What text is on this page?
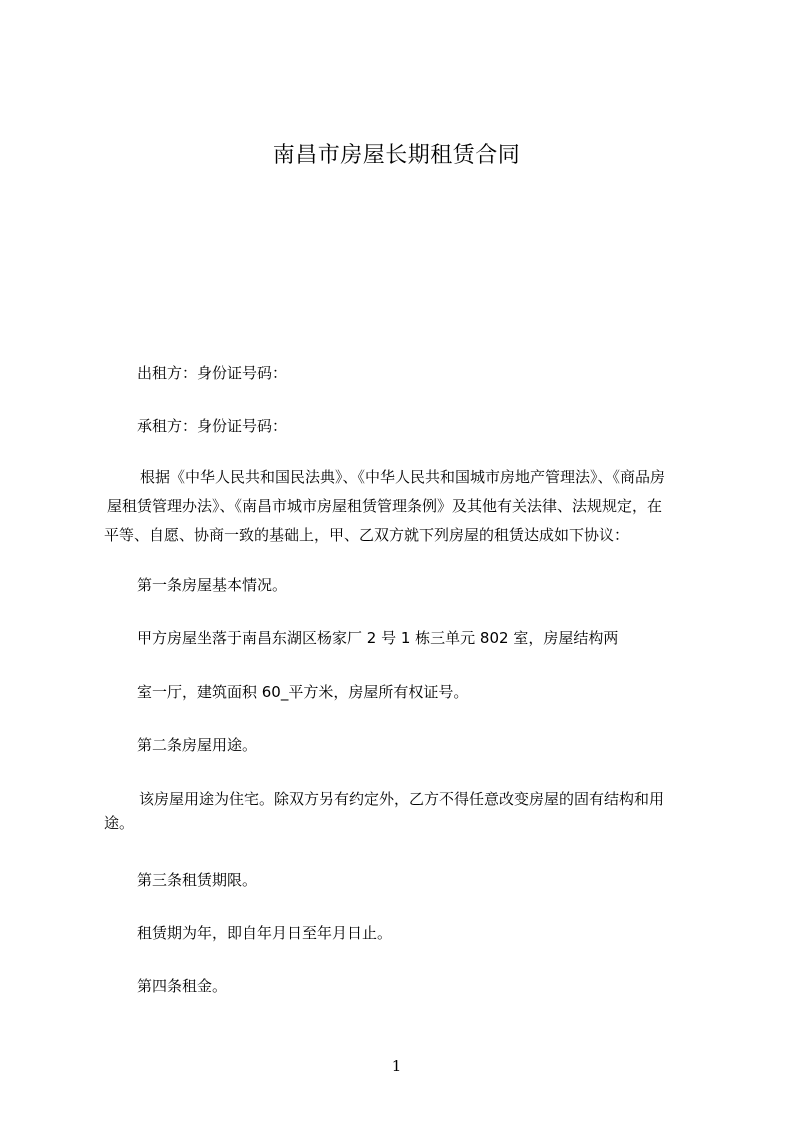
南昌市房屋长期租赁合同
出租方：身份证号码：
承租方：身份证号码：
根据《中华人民共和国民法典》、《中华人民共和国城市房地产管理法》、《商品房
屋租赁管理办法》、《南昌市城市房屋租赁管理条例》及其他有关法律、法规规定，在
平等、自愿、协商一致的基础上，甲、乙双方就下列房屋的租赁达成如下协议：
第一条房屋基本情况。
甲方房屋坐落于南昌东湖区杨家厂 2 号 1 栋三单元 802 室，房屋结构两
室一厅，建筑面积 60_平方米，房屋所有权证号。
第二条房屋用途。
该房屋用途为住宅。除双方另有约定外，乙方不得任意改变房屋的固有结构和用
途。
第三条租赁期限。
租赁期为年，即自年月日至年月日止。
第四条租金。
1
